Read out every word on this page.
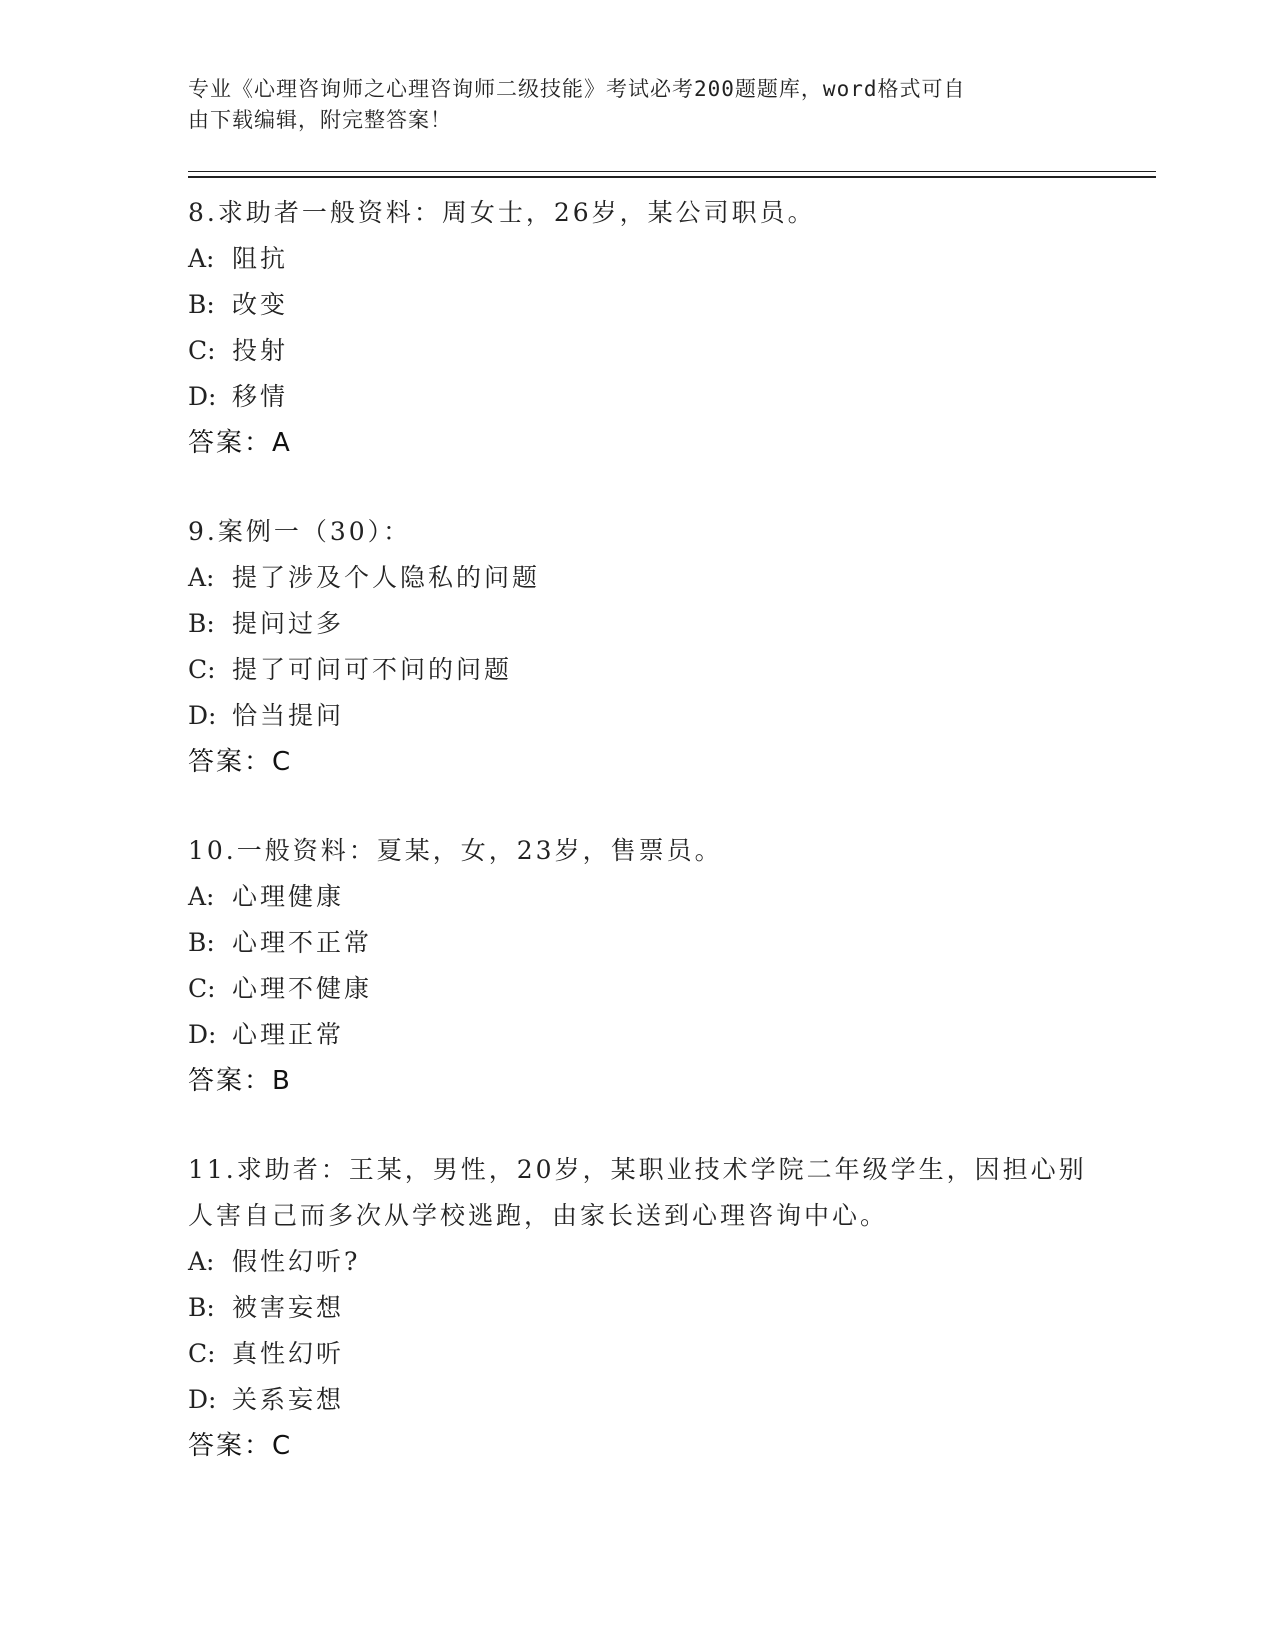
专业《心理咨询师之心理咨询师二级技能》考试必考200题题库，word格式可自
由下载编辑，附完整答案！
8.求助者一般资料：周女士，26岁，某公司职员。
A: 阻抗
B: 改变
C: 投射
D: 移情
答案：A
9.案例一（30）：
A: 提了涉及个人隐私的问题
B: 提问过多
C: 提了可问可不问的问题
D: 恰当提问
答案：C
10.一般资料：夏某，女，23岁，售票员。
A: 心理健康
B: 心理不正常
C: 心理不健康
D: 心理正常
答案：B
11.求助者：王某，男性，20岁，某职业技术学院二年级学生，因担心别人害自己而多次从学校逃跑，由家长送到心理咨询中心。
A: 假性幻听?
B: 被害妄想
C: 真性幻听
D: 关系妄想
答案：C
